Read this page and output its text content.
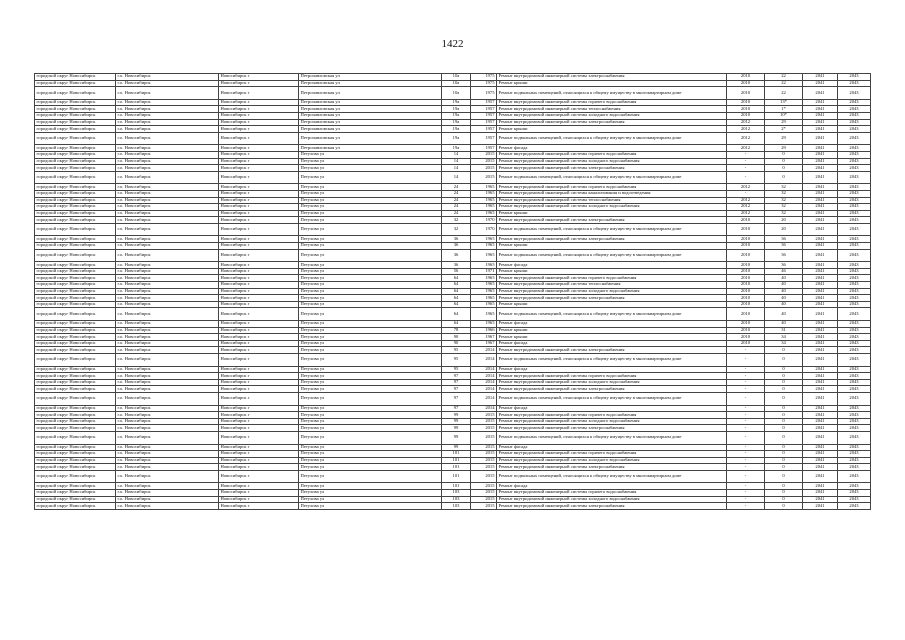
1422
городской округ Новосибирск	г.о. Новосибирск	Новосибирск г	Петропавловская ул	10а	1975	Ремонт внутридомовой инженерной системы электроснабжения	2010	22	2041	2043
городской округ Новосибирск	г.о. Новосибирск	Новосибирск г	Петропавловская ул	10а	1975	Ремонт крыши	2010	22	2041	2043
городской округ Новосибирск	г.о. Новосибирск	Новосибирск г	Петропавловская ул	10а	1975	Ремонт подвальных помещений, относящихся к общему имуществу в многоквартирном доме	2010	22	2041	2043
городской округ Новосибирск	г.о. Новосибирск	Новосибирск г	Петропавловская ул	19а	1957	Ремонт внутридомовой инженерной системы горячего водоснабжения	2010	13*	2041	2043
городской округ Новосибирск	г.о. Новосибирск	Новосибирск г	Петропавловская ул	19а	1957	Ремонт внутридомовой инженерной системы теплоснабжения	2010	1*	2041	2043
городской округ Новосибирск	г.о. Новосибирск	Новосибирск г	Петропавловская ул	19а	1957	Ремонт внутридомовой инженерной системы холодного водоснабжения	2010	10*	2041	2043
городской округ Новосибирск	г.о. Новосибирск	Новосибирск г	Петропавловская ул	19а	1957	Ремонт внутридомовой инженерной системы электроснабжения	2012	29	2041	2043
городской округ Новосибирск	г.о. Новосибирск	Новосибирск г	Петропавловская ул	19а	1957	Ремонт крыши	2012	2*	2041	2043
городской округ Новосибирск	г.о. Новосибирск	Новосибирск г	Петропавловская ул	19а	1957	Ремонт подвальных помещений, относящихся к общему имуществу в многоквартирном доме	2012	29	2041	2043
городской округ Новосибирск	г.о. Новосибирск	Новосибирск г	Петропавловская ул	19а	1957	Ремонт фасада	2012	29	2041	2043
городской округ Новосибирск	г.о. Новосибирск	Новосибирск г	Петухова ул	14	2015	Ремонт внутридомовой инженерной системы горячего водоснабжения	-	0	2041	2043
городской округ Новосибирск	г.о. Новосибирск	Новосибирск г	Петухова ул	14	2015	Ремонт внутридомовой инженерной системы холодного водоснабжения	-	0	2041	2043
городской округ Новосибирск	г.о. Новосибирск	Новосибирск г	Петухова ул	14	2015	Ремонт внутридомовой инженерной системы электроснабжения	-	0	2041	2043
городской округ Новосибирск	г.о. Новосибирск	Новосибирск г	Петухова ул	14	2015	Ремонт подвальных помещений, относящихся к общему имуществу в многоквартирном доме	-	0	2041	2043
городской округ Новосибирск	г.о. Новосибирск	Новосибирск г	Петухова ул	24	1965	Ремонт внутридомовой инженерной системы горячего водоснабжения	2012	32	2041	2043
городской округ Новосибирск	г.о. Новосибирск	Новосибирск г	Петухова ул	24	1965	Ремонт внутридомовой инженерной системы канализования и водоотведения	-	32	2041	2043
городской округ Новосибирск	г.о. Новосибирск	Новосибирск г	Петухова ул	24	1965	Ремонт внутридомовой инженерной системы теплоснабжения	2012	32	2041	2043
городской округ Новосибирск	г.о. Новосибирск	Новосибирск г	Петухова ул	24	1965	Ремонт внутридомовой инженерной системы холодного водоснабжения	2012	32	2041	2043
городской округ Новосибирск	г.о. Новосибирск	Новосибирск г	Петухова ул	24	1965	Ремонт крыши	2012	32	2041	2043
городской округ Новосибирск	г.о. Новосибирск	Новосибирск г	Петухова ул	32	1970	Ремонт внутридомовой инженерной системы электроснабжения	2010	20	2041	2043
городской округ Новосибирск	г.о. Новосибирск	Новосибирск г	Петухова ул	32	1970	Ремонт подвальных помещений, относящихся к общему имуществу в многоквартирном доме	2010	20	2041	2043
городской округ Новосибирск	г.о. Новосибирск	Новосибирск г	Петухова ул	36	1965	Ремонт внутридомовой инженерной системы электроснабжения	2010	36	2041	2043
городской округ Новосибирск	г.о. Новосибирск	Новосибирск г	Петухова ул	36	1965	Ремонт крыши	2010	36	2041	2043
городской округ Новосибирск	г.о. Новосибирск	Новосибирск г	Петухова ул	36	1965	Ремонт подвальных помещений, относящихся к общему имуществу в многоквартирном доме	2010	36	2041	2043
городской округ Новосибирск	г.о. Новосибирск	Новосибирск г	Петухова ул	36	1965	Ремонт фасада	2010	36	2041	2043
городской округ Новосибирск	г.о. Новосибирск	Новосибирск г	Петухова ул	56	1971	Ремонт крыши	2010	46	2041	2043
городской округ Новосибирск	г.о. Новосибирск	Новосибирск г	Петухова ул	64	1965	Ремонт внутридомовой инженерной системы горячего водоснабжения	2010	40	2041	2043
городской округ Новосибирск	г.о. Новосибирск	Новосибирск г	Петухова ул	64	1965	Ремонт внутридомовой инженерной системы теплоснабжения	2010	40	2041	2043
городской округ Новосибирск	г.о. Новосибирск	Новосибирск г	Петухова ул	64	1965	Ремонт внутридомовой инженерной системы холодного водоснабжения	2010	40	2041	2043
городской округ Новосибирск	г.о. Новосибирск	Новосибирск г	Петухова ул	64	1965	Ремонт внутридомовой инженерной системы электроснабжения	2010	40	2041	2043
городской округ Новосибирск	г.о. Новосибирск	Новосибирск г	Петухова ул	64	1965	Ремонт крыши	2010	40	2041	2043
городской округ Новосибирск	г.о. Новосибирск	Новосибирск г	Петухова ул	64	1965	Ремонт подвальных помещений, относящихся к общему имуществу в многоквартирном доме	2010	40	2041	2043
городской округ Новосибирск	г.о. Новосибирск	Новосибирск г	Петухова ул	64	1965	Ремонт фасада	2010	40	2041	2043
городской округ Новосибирск	г.о. Новосибирск	Новосибирск г	Петухова ул	78	1966	Ремонт крыши	2010	31	2041	2043
городской округ Новосибирск	г.о. Новосибирск	Новосибирск г	Петухова ул	90	1967	Ремонт крыши	2010	34	2041	2043
городской округ Новосибирск	г.о. Новосибирск	Новосибирск г	Петухова ул	90	1967	Ремонт фасада	2010	34	2041	2043
городской округ Новосибирск	г.о. Новосибирск	Новосибирск г	Петухова ул	95	2014	Ремонт внутридомовой инженерной системы электроснабжения	-	0	2041	2043
городской округ Новосибирск	г.о. Новосибирск	Новосибирск г	Петухова ул	95	2014	Ремонт подвальных помещений, относящихся к общему имуществу в многоквартирном доме	-	0	2041	2043
городской округ Новосибирск	г.о. Новосибирск	Новосибирск г	Петухова ул	95	2014	Ремонт фасада	-	0	2041	2043
городской округ Новосибирск	г.о. Новосибирск	Новосибирск г	Петухова ул	97	2014	Ремонт внутридомовой инженерной системы горячего водоснабжения	-	0	2041	2043
городской округ Новосибирск	г.о. Новосибирск	Новосибирск г	Петухова ул	97	2014	Ремонт внутридомовой инженерной системы холодного водоснабжения	-	0	2041	2043
городской округ Новосибирск	г.о. Новосибирск	Новосибирск г	Петухова ул	97	2014	Ремонт внутридомовой инженерной системы электроснабжения	-	0	2041	2043
городской округ Новосибирск	г.о. Новосибирск	Новосибирск г	Петухова ул	97	2014	Ремонт подвальных помещений, относящихся к общему имуществу в многоквартирном доме	-	0	2041	2043
городской округ Новосибирск	г.о. Новосибирск	Новосибирск г	Петухова ул	97	2014	Ремонт фасада	-	0	2041	2043
городской округ Новосибирск	г.о. Новосибирск	Новосибирск г	Петухова ул	99	2015	Ремонт внутридомовой инженерной системы горячего водоснабжения	-	0	2041	2043
городской округ Новосибирск	г.о. Новосибирск	Новосибирск г	Петухова ул	99	2015	Ремонт внутридомовой инженерной системы холодного водоснабжения	-	0	2041	2043
городской округ Новосибирск	г.о. Новосибирск	Новосибирск г	Петухова ул	99	2015	Ремонт внутридомовой инженерной системы электроснабжения	-	0	2041	2043
городской округ Новосибирск	г.о. Новосибирск	Новосибирск г	Петухова ул	99	2015	Ремонт подвальных помещений, относящихся к общему имуществу в многоквартирном доме	-	0	2041	2043
городской округ Новосибирск	г.о. Новосибирск	Новосибирск г	Петухова ул	99	2015	Ремонт фасада	-	0	2041	2043
городской округ Новосибирск	г.о. Новосибирск	Новосибирск г	Петухова ул	101	2015	Ремонт внутридомовой инженерной системы горячего водоснабжения	-	0	2041	2043
городской округ Новосибирск	г.о. Новосибирск	Новосибирск г	Петухова ул	101	2015	Ремонт внутридомовой инженерной системы холодного водоснабжения	-	0	2041	2043
городской округ Новосибирск	г.о. Новосибирск	Новосибирск г	Петухова ул	101	2015	Ремонт внутридомовой инженерной системы электроснабжения	-	0	2041	2043
городской округ Новосибирск	г.о. Новосибирск	Новосибирск г	Петухова ул	101	2015	Ремонт подвальных помещений, относящихся к общему имуществу в многоквартирном доме	-	0	2041	2043
городской округ Новосибирск	г.о. Новосибирск	Новосибирск г	Петухова ул	101	2015	Ремонт фасада	-	0	2041	2043
городской округ Новосибирск	г.о. Новосибирск	Новосибирск г	Петухова ул	103	2015	Ремонт внутридомовой инженерной системы горячего водоснабжения	-	0	2041	2043
городской округ Новосибирск	г.о. Новосибирск	Новосибирск г	Петухова ул	103	2015	Ремонт внутридомовой инженерной системы холодного водоснабжения	-	0	2041	2043
городской округ Новосибирск	г.о. Новосибирск	Новосибирск г	Петухова ул	103	2015	Ремонт внутридомовой инженерной системы электроснабжения	-	0	2041	2043
